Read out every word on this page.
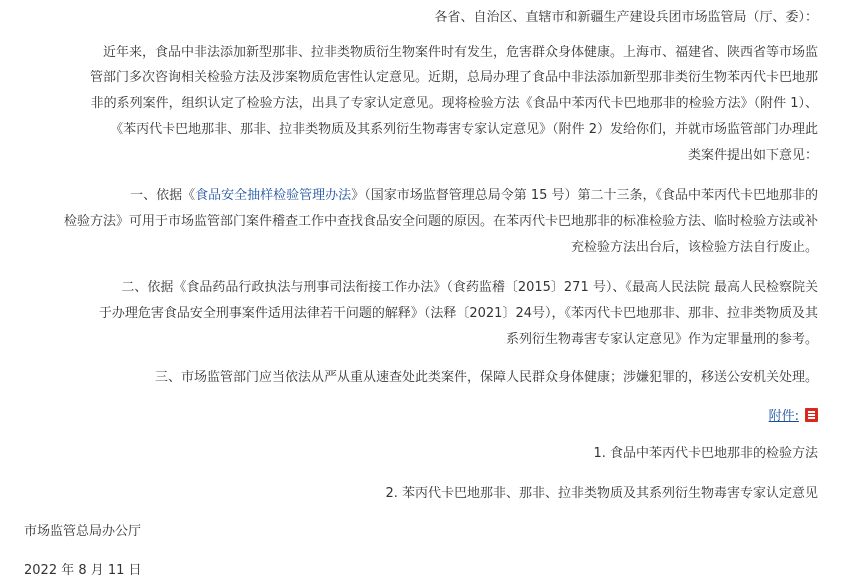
各省、自治区、直辖市和新疆生产建设兵团市场监管局（厅、委）：
近年来，食品中非法添加新型那非、拉非类物质衍生物案件时有发生，危害群众身体健康。上海市、福建省、陕西省等市场监
管部门多次咨询相关检验方法及涉案物质危害性认定意见。近期，总局办理了食品中非法添加新型那非类衍生物苯丙代卡巴地那
非的系列案件，组织认定了检验方法，出具了专家认定意见。现将检验方法《食品中苯丙代卡巴地那非的检验方法》（附件 1）、
《苯丙代卡巴地那非、那非、拉非类物质及其系列衍生物毒害专家认定意见》（附件 2）发给你们，并就市场监管部门办理此
类案件提出如下意见：
一、依据《食品安全抽样检验管理办法》（国家市场监督管理总局令第 15 号）第二十三条，《食品中苯丙代卡巴地那非的
检验方法》可用于市场监管部门案件稽查工作中查找食品安全问题的原因。在苯丙代卡巴地那非的标准检验方法、临时检验方法或补
充检验方法出台后，该检验方法自行废止。
二、依据《食品药品行政执法与刑事司法衔接工作办法》（食药监稽〔2015〕271 号）、《最高人民法院 最高人民检察院关
于办理危害食品安全刑事案件适用法律若干问题的解释》（法释〔2021〕24号），《苯丙代卡巴地那非、那非、拉非类物质及其
系列衍生物毒害专家认定意见》作为定罪量刑的参考。
三、市场监管部门应当依法从严从重从速查处此类案件，保障人民群众身体健康；涉嫌犯罪的，移送公安机关处理。
附件:
1. 食品中苯丙代卡巴地那非的检验方法
2. 苯丙代卡巴地那非、那非、拉非类物质及其系列衍生物毒害专家认定意见
市场监管总局办公厅
2022 年 8 月 11 日
